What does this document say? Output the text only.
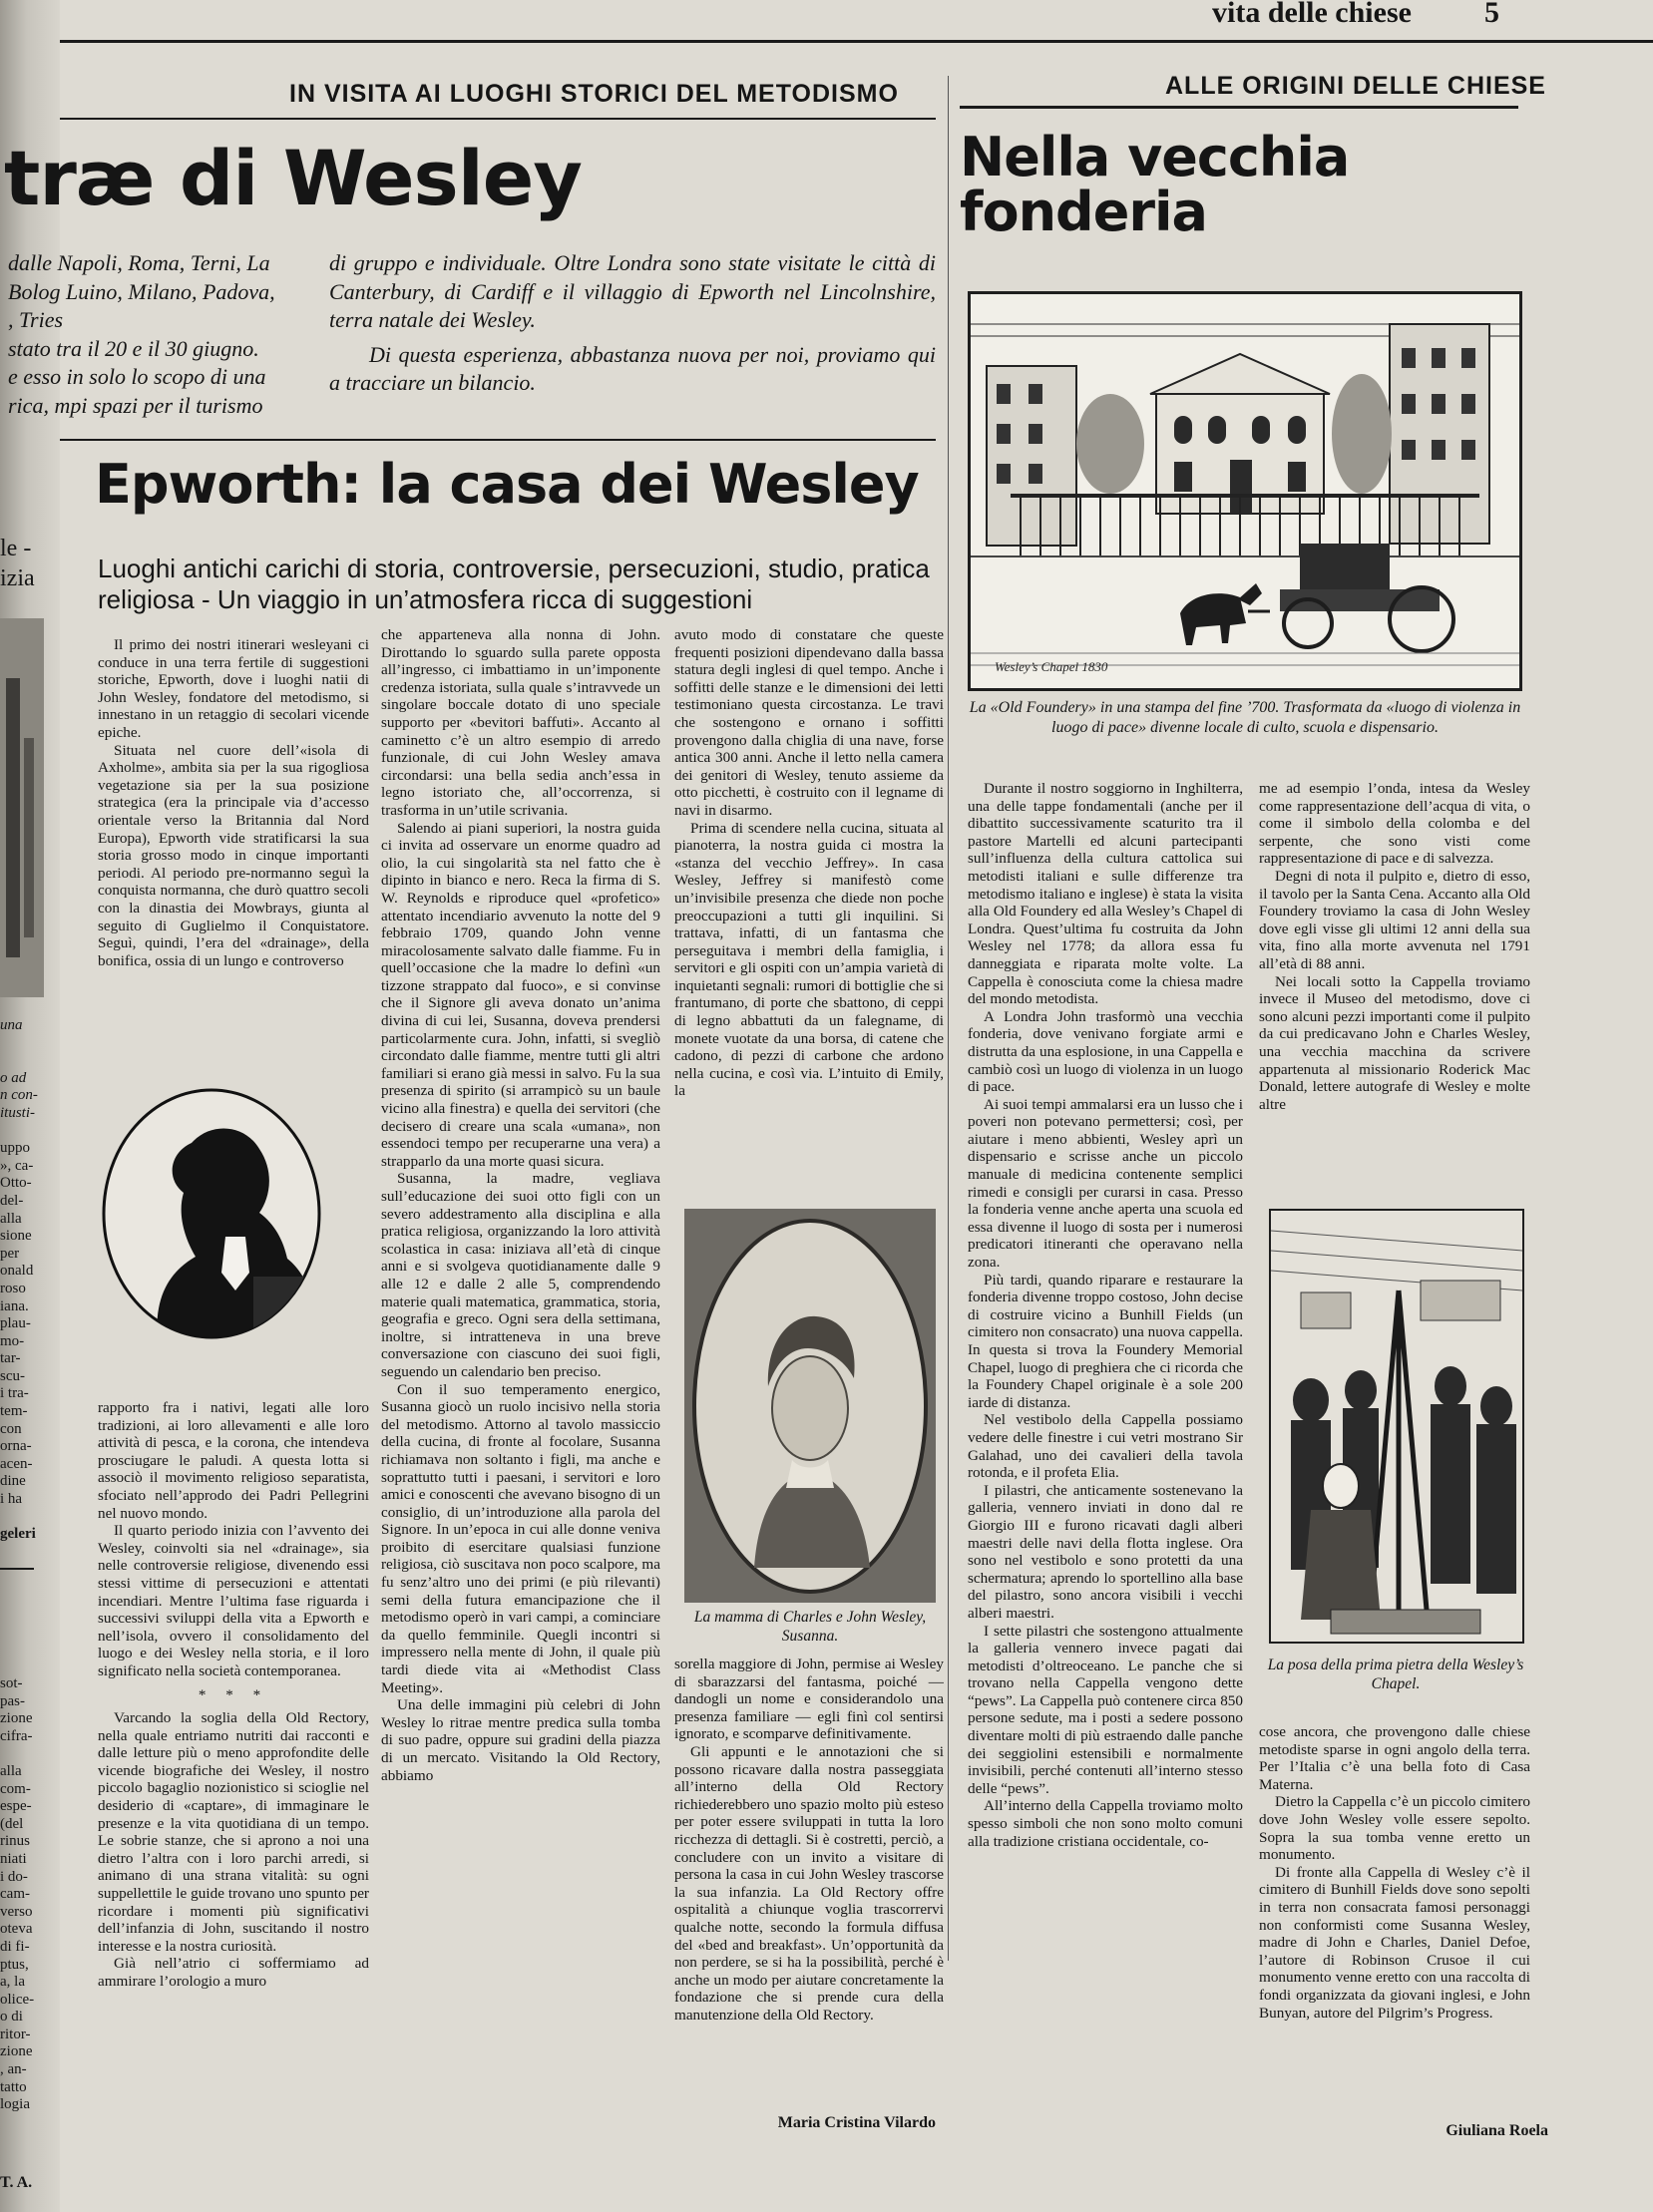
vita delle chiese 5
IN VISITA AI LUOGHI STORICI DEL METODISMO	ALLE ORIGINI DELLE CHIESE
træ di Wesley
dalle Napoli, Roma, Terni, La
Bolog Luino, Milano, Padova,
, Tries
stato tra il 20 e il 30 giugno.
e esso in solo lo scopo di una
rica, mpi spazi per il turismo
di gruppo e individuale. Oltre Londra sono state visitate le città di Canterbury, di Cardiff e il villaggio di Epworth nel Lincolnshire, terra natale dei Wesley.
Di questa esperienza, abbastanza nuova per noi, proviamo qui a tracciare un bilancio.
le -
izia
una
o ad
n con-
itusti-
uppo
», ca-
Otto-
del-
alla
sione
per
onald
roso
iana.
plau-
mo-
tar-
scu-
i tra-
tem-
con
orna-
acen-
dine
i ha
geleri
sot-
pas-
zione
cifra-
alla
com-
espe-
(del
rinus
niati
i do-
cam-
verso
oteva
di fi-
ptus,
a, la
olice-
o di
ritor-
zione
, an-
tatto
logia
T. A.
Epworth: la casa dei Wesley
Luoghi antichi carichi di storia, controversie, persecuzioni, studio, pratica religiosa - Un viaggio in un’atmosfera ricca di suggestioni

Il primo dei nostri itinerari wesleyani ci conduce in una terra fertile di suggestioni storiche, Epworth, dove i luoghi natii di John Wesley, fondatore del metodismo, si innestano in un retaggio di secolari vicende epiche.

Situata nel cuore dell’«isola di Axholme», ambita sia per la sua rigogliosa vegetazione sia per la sua posizione strategica (era la principale via d’accesso orientale verso la Britannia dal Nord Europa), Epworth vide stratificarsi la sua storia grosso modo in cinque importanti periodi. Al periodo pre-normanno seguì la conquista normanna, che durò quattro secoli con la dinastia dei Mowbrays, giunta al seguito di Guglielmo il Conquistatore. Seguì, quindi, l’era del «drainage», della bonifica, ossia di un lungo e controverso

rapporto fra i nativi, legati alle loro tradizioni, ai loro allevamenti e alle loro attività di pesca, e la corona, che intendeva prosciugare le paludi. A questa lotta si associò il movimento religioso separatista, sfociato nell’approdo dei Padri Pellegrini nel nuovo mondo.

Il quarto periodo inizia con l’avvento dei Wesley, coinvolti sia nel «drainage», sia nelle controversie religiose, divenendo essi stessi vittime di persecuzioni e attentati incendiari. Mentre l’ultima fase riguarda i successivi sviluppi della vita a Epworth e nell’isola, ovvero il consolidamento del luogo e dei Wesley nella storia, e il loro significato nella società contemporanea.

* * *

Varcando la soglia della Old Rectory, nella quale entriamo nutriti dai racconti e dalle letture più o meno approfondite delle vicende biografiche dei Wesley, il nostro piccolo bagaglio nozionistico si scioglie nel desiderio di «captare», di immaginare le presenze e la vita quotidiana di un tempo. Le sobrie stanze, che si aprono a noi una dietro l’altra con i loro parchi arredi, si animano di una strana vitalità: su ogni suppellettile le guide trovano uno spunto per ricordare i momenti più significativi dell’infanzia di John, suscitando il nostro interesse e la nostra curiosità.

Già nell’atrio ci soffermiamo ad ammirare l’orologio a muro

che apparteneva alla nonna di John. Dirottando lo sguardo sulla parete opposta all’ingresso, ci imbattiamo in un’imponente credenza istoriata, sulla quale s’intravvede un singolare boccale dotato di uno speciale supporto per «bevitori baffuti». Accanto al caminetto c’è un altro esempio di arredo funzionale, di cui John Wesley amava circondarsi: una bella sedia anch’essa in legno istoriato che, all’occorrenza, si trasforma in un’utile scrivania.

Salendo ai piani superiori, la nostra guida ci invita ad osservare un enorme quadro ad olio, la cui singolarità sta nel fatto che è dipinto in bianco e nero. Reca la firma di S. W. Reynolds e riproduce quel «profetico» attentato incendiario avvenuto la notte del 9 febbraio 1709, quando John venne miracolosamente salvato dalle fiamme. Fu in quell’occasione che la madre lo definì «un tizzone strappato dal fuoco», e si convinse che il Signore gli aveva donato un’anima divina di cui lei, Susanna, doveva prendersi particolarmente cura. John, infatti, si svegliò circondato dalle fiamme, mentre tutti gli altri familiari si erano già messi in salvo. Fu la sua presenza di spirito (si arrampicò su un baule vicino alla finestra) e quella dei servitori (che decisero di creare una scala «umana», non essendoci tempo per recuperarne una vera) a strapparlo da una morte quasi sicura.

Susanna, la madre, vegliava sull’educazione dei suoi otto figli con un severo addestramento alla disciplina e alla pratica religiosa, organizzando la loro attività scolastica in casa: iniziava all’età di cinque anni e si svolgeva quotidianamente dalle 9 alle 12 e dalle 2 alle 5, comprendendo materie quali matematica, grammatica, storia, geografia e greco. Ogni sera della settimana, inoltre, si intratteneva in una breve conversazione con ciascuno dei suoi figli, seguendo un calendario ben preciso.

Con il suo temperamento energico, Susanna giocò un ruolo incisivo nella storia del metodismo. Attorno al tavolo massiccio della cucina, di fronte al focolare, Susanna richiamava non soltanto i figli, ma anche e soprattutto tutti i paesani, i servitori e loro amici e conoscenti che avevano bisogno di un consiglio, di un’introduzione alla parola del Signore. In un’epoca in cui alle donne veniva proibito di esercitare qualsiasi funzione religiosa, ciò suscitava non poco scalpore, ma fu senz’altro uno dei primi (e più rilevanti) semi della futura emancipazione che il metodismo operò in vari campi, a cominciare da quello femminile. Quegli incontri si impressero nella mente di John, il quale più tardi diede vita ai «Methodist Class Meeting».

Una delle immagini più celebri di John Wesley lo ritrae mentre predica sulla tomba di suo padre, oppure sui gradini della piazza di un mercato. Visitando la Old Rectory, abbiamo

avuto modo di constatare che queste frequenti posizioni dipendevano dalla bassa statura degli inglesi di quel tempo. Anche i soffitti delle stanze e le dimensioni dei letti testimoniano questa circostanza. Le travi che sostengono e ornano i soffitti provengono dalla chiglia di una nave, forse antica 300 anni. Anche il letto nella camera dei genitori di Wesley, tenuto assieme da otto picchetti, è costruito con il legname di navi in disarmo.

Prima di scendere nella cucina, situata al pianoterra, la nostra guida ci mostra la «stanza del vecchio Jeffrey». In casa Wesley, Jeffrey si manifestò come un’invisibile presenza che diede non poche preoccupazioni a tutti gli inquilini. Si trattava, infatti, di un fantasma che perseguitava i membri della famiglia, i servitori e gli ospiti con un’ampia varietà di inquietanti segnali: rumori di bottiglie che si frantumano, di porte che sbattono, di ceppi di legno abbattuti da un falegname, di monete vuotate da una borsa, di catene che cadono, di pezzi di carbone che ardono nella cucina, e così via. L’intuito di Emily, la

La mamma di Charles e John Wesley, Susanna.

sorella maggiore di John, permise ai Wesley di sbarazzarsi del fantasma, poiché — dandogli un nome e considerandolo una presenza familiare — egli finì col sentirsi ignorato, e scomparve definitivamente.

Gli appunti e le annotazioni che si possono ricavare dalla nostra passeggiata all’interno della Old Rectory richiederebbero uno spazio molto più esteso per poter essere sviluppati in tutta la loro ricchezza di dettagli. Si è costretti, perciò, a concludere con un invito a visitare di persona la casa in cui John Wesley trascorse la sua infanzia. La Old Rectory offre ospitalità a chiunque voglia trascorrervi qualche notte, secondo la formula diffusa del «bed and breakfast». Un’opportunità da non perdere, se si ha la possibilità, perché è anche un modo per aiutare concretamente la fondazione che si prende cura della manutenzione della Old Rectory.

Maria Cristina Vilardo
Nella vecchia
fonderia
Wesley’s Chapel 1830
La «Old Foundery» in una stampa del fine ’700. Trasformata da «luogo di violenza in luogo di pace» divenne locale di culto, scuola e dispensario.

Durante il nostro soggiorno in Inghilterra, una delle tappe fondamentali (anche per il dibattito successivamente scaturito tra il pastore Martelli ed alcuni partecipanti sull’influenza della cultura cattolica sui metodisti italiani e sulle differenze tra metodismo italiano e inglese) è stata la visita alla Old Foundery ed alla Wesley’s Chapel di Londra. Quest’ultima fu costruita da John Wesley nel 1778; da allora essa fu danneggiata e riparata molte volte. La Cappella è conosciuta come la chiesa madre del mondo metodista.

A Londra John trasformò una vecchia fonderia, dove venivano forgiate armi e distrutta da una esplosione, in una Cappella e cambiò così un luogo di violenza in un luogo di pace.

Ai suoi tempi ammalarsi era un lusso che i poveri non potevano permettersi; così, per aiutare i meno abbienti, Wesley aprì un dispensario e scrisse anche un piccolo manuale di medicina contenente semplici rimedi e consigli per curarsi in casa. Presso la fonderia venne anche aperta una scuola ed essa divenne il luogo di sosta per i numerosi predicatori itineranti che operavano nella zona.

Più tardi, quando riparare e restaurare la fonderia divenne troppo costoso, John decise di costruire vicino a Bunhill Fields (un cimitero non consacrato) una nuova cappella. In questa si trova la Foundery Memorial Chapel, luogo di preghiera che ci ricorda che la Foundery Chapel originale è a sole 200 iarde di distanza.

Nel vestibolo della Cappella possiamo vedere delle finestre i cui vetri mostrano Sir Galahad, uno dei cavalieri della tavola rotonda, e il profeta Elia.

I pilastri, che anticamente sostenevano la galleria, vennero inviati in dono dal re Giorgio III e furono ricavati dagli alberi maestri delle navi della flotta inglese. Ora sono nel vestibolo e sono protetti da una schermatura; aprendo lo sportellino alla base del pilastro, sono ancora visibili i vecchi alberi maestri.

I sette pilastri che sostengono attualmente la galleria vennero invece pagati dai metodisti d’oltreoceano. Le panche che si trovano nella Cappella vengono dette “pews”. La Cappella può contenere circa 850 persone sedute, ma i posti a sedere possono diventare molti di più estraendo dalle panche dei seggiolini estensibili e normalmente invisibili, perché contenuti all’interno stesso delle “pews”.

All’interno della Cappella troviamo molto spesso simboli che non sono molto comuni alla tradizione cristiana occidentale, co-

me ad esempio l’onda, intesa da Wesley come rappresentazione dell’acqua di vita, o come il simbolo della colomba e del serpente, che sono visti come rappresentazione di pace e di salvezza.

Degni di nota il pulpito e, dietro di esso, il tavolo per la Santa Cena. Accanto alla Old Foundery troviamo la casa di John Wesley dove egli visse gli ultimi 12 anni della sua vita, fino alla morte avvenuta nel 1791 all’età di 88 anni.

Nei locali sotto la Cappella troviamo invece il Museo del metodismo, dove ci sono alcuni pezzi importanti come il pulpito da cui predicavano John e Charles Wesley, una vecchia macchina da scrivere appartenuta al missionario Roderick Mac Donald, lettere autografe di Wesley e molte altre

La posa della prima pietra della Wesley’s Chapel.

cose ancora, che provengono dalle chiese metodiste sparse in ogni angolo della terra. Per l’Italia c’è una bella foto di Casa Materna.

Dietro la Cappella c’è un piccolo cimitero dove John Wesley volle essere sepolto. Sopra la sua tomba venne eretto un monumento.

Di fronte alla Cappella di Wesley c’è il cimitero di Bunhill Fields dove sono sepolti in terra non consacrata famosi personaggi non conformisti come Susanna Wesley, madre di John e Charles, Daniel Defoe, l’autore di Robinson Crusoe il cui monumento venne eretto con una raccolta di fondi organizzata da giovani inglesi, e John Bunyan, autore del Pilgrim’s Progress.

Giuliana Roela
